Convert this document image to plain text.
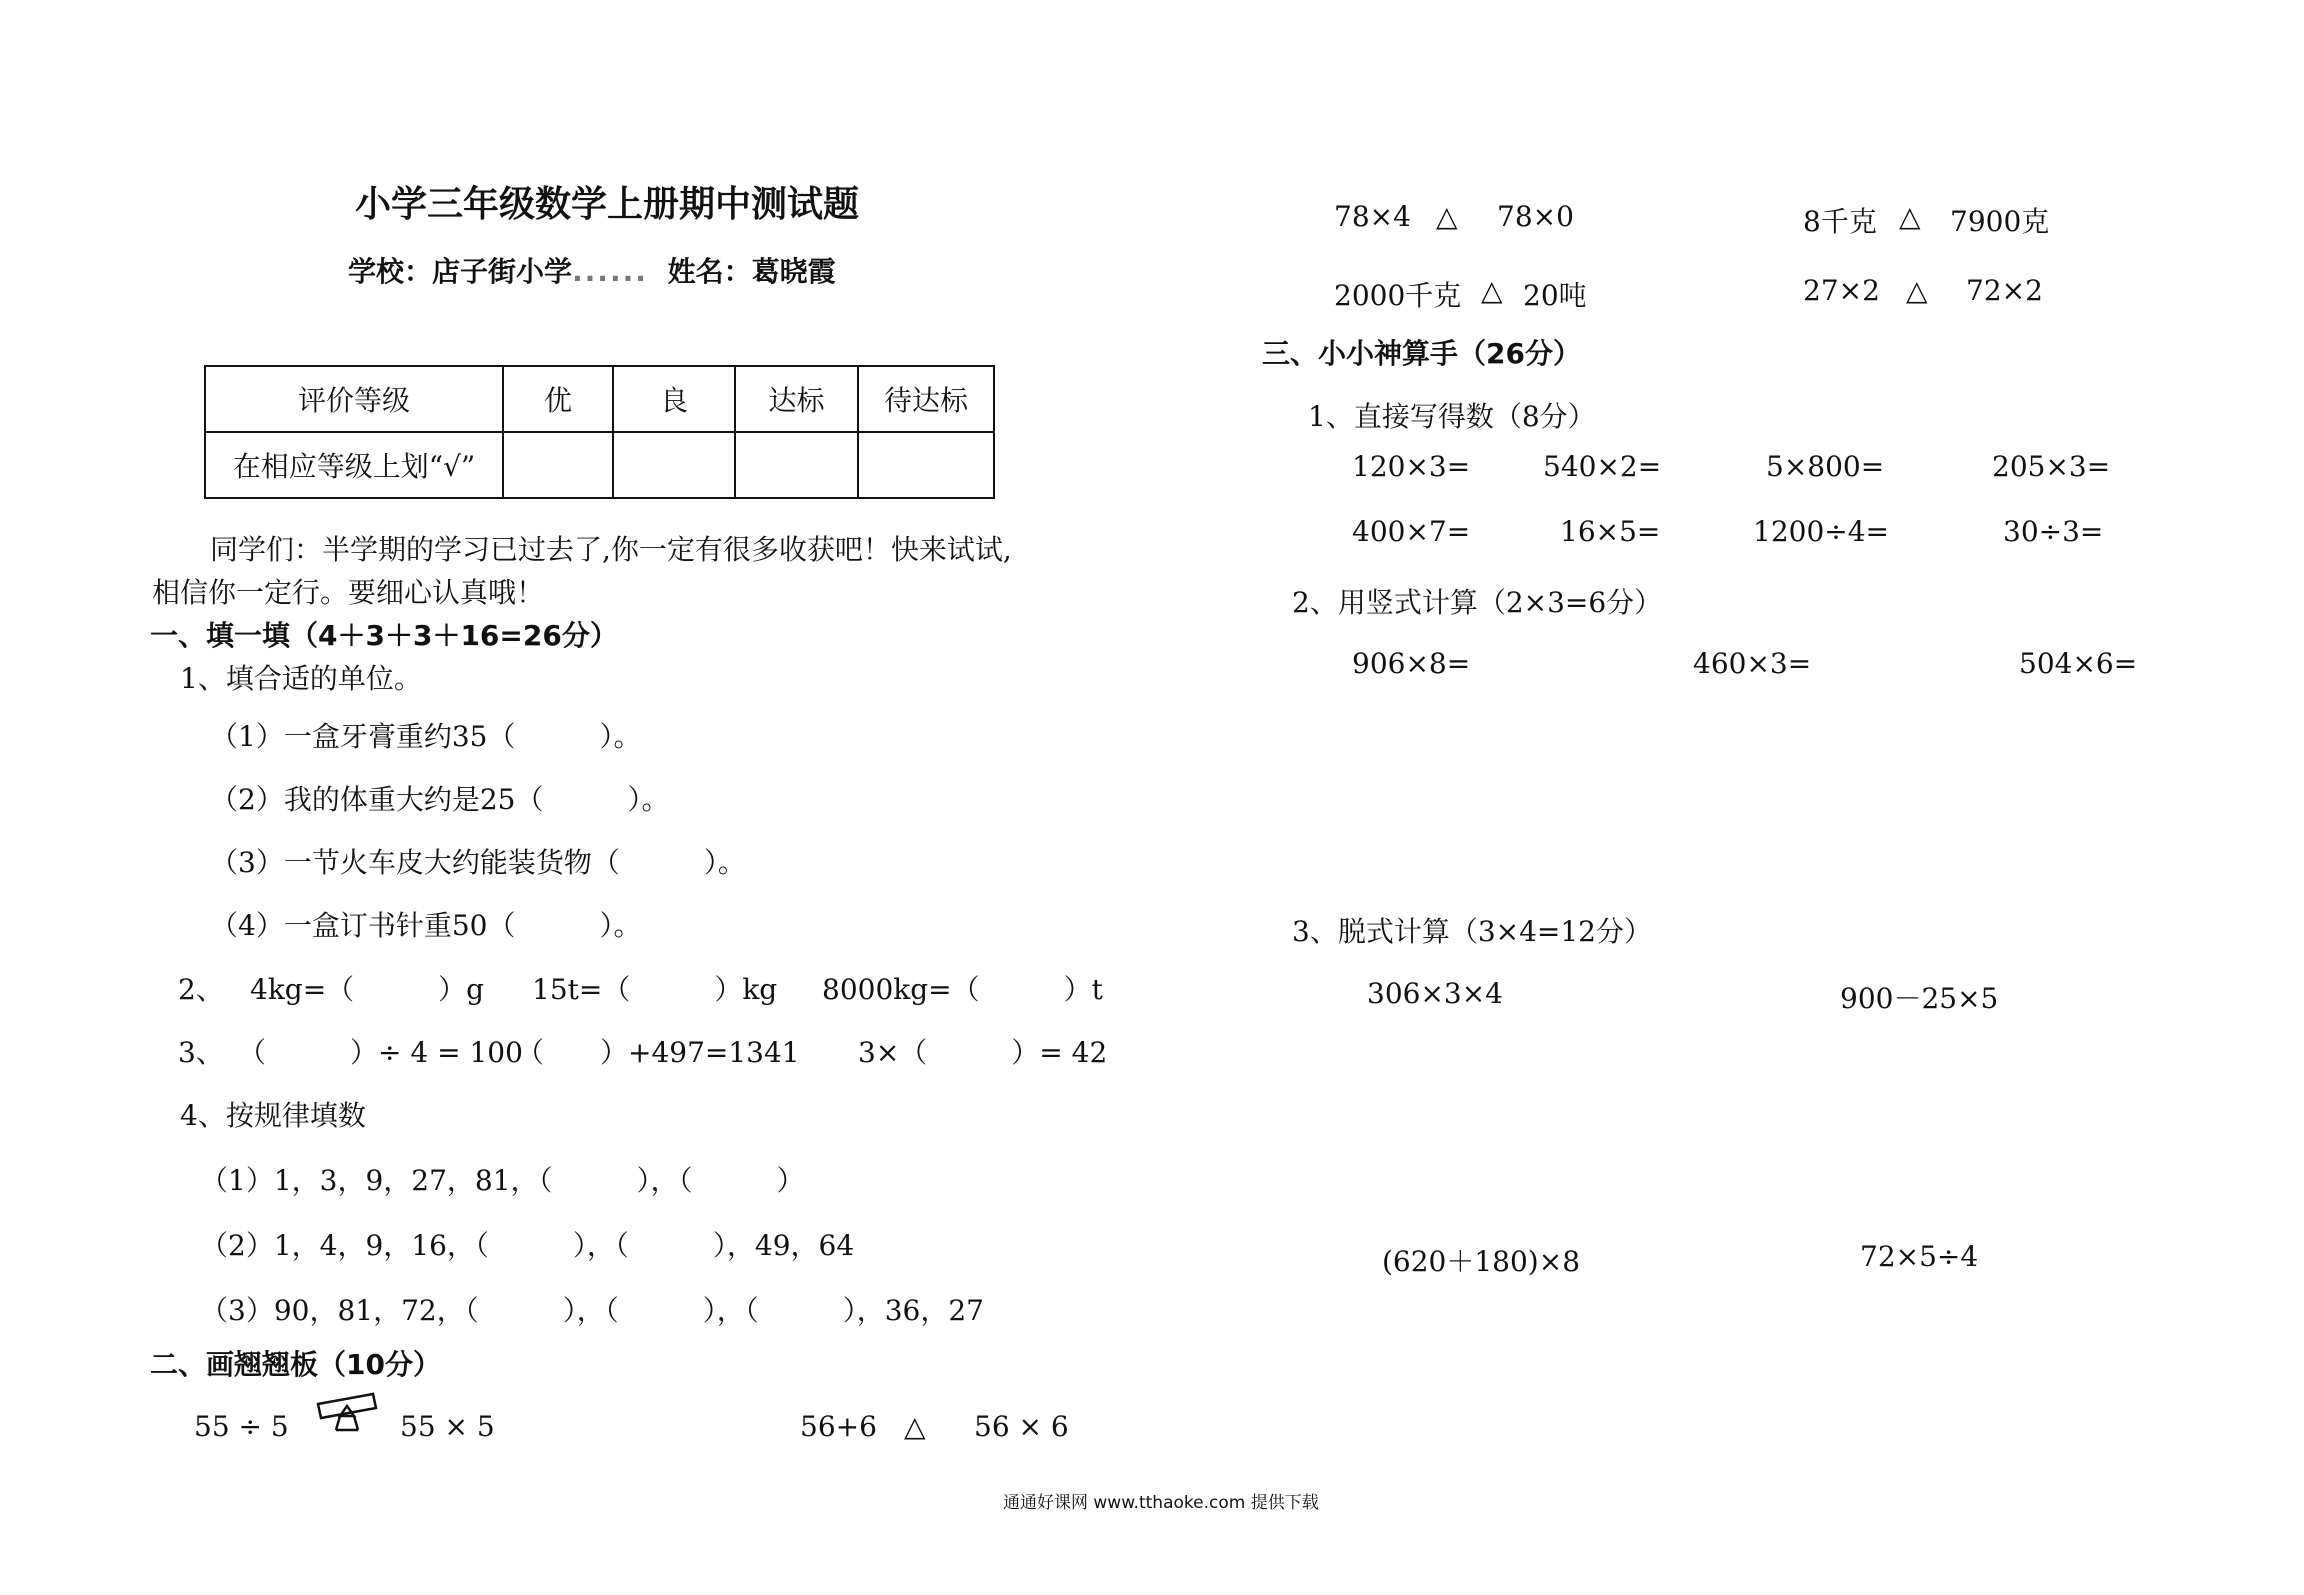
小学三年级数学上册期中测试题
学校：店子街小学...... 姓名：葛晓霞
评价等级	优	良	达标	待达标
在相应等级上划“√”				
同学们：半学期的学习已过去了,你一定有很多收获吧！快来试试,
相信你一定行。要细心认真哦！
一、填一填（4＋3＋3＋16=26分）
1、填合适的单位。
（1）一盒牙膏重约35（　　　）。
（2）我的体重大约是25（　　　）。
（3）一节火车皮大约能装货物（　　　）。
（4）一盒订书针重50（　　　）。
2、 4kg=（　　　）g 15t=（　　　）kg 8000kg=（　　　）t
3、 （　　　）÷ 4 = 100
（　　）+497=1341 3×（　　　）= 42
4、按规律填数
（1）1，3，9，27，81，（　　　），（　　　）
（2）1，4，9，16，（　　　），（　　　），49，64
（3）90，81，72，（　　　），（　　　），（　　　），36，27
二、画翘翘板（10分）
55 ÷ 5	55 × 5	56+6 △ 56 × 6
78×4 △ 78×0	8千克 △ 7900克
2000千克 △ 20吨	27×2 △ 72×2
三、小小神算手（26分）
1、直接写得数（8分）
120×3=	540×2=	5×800=	205×3=
400×7=	16×5=	1200÷4=	30÷3=
2、用竖式计算（2×3=6分）
906×8=	460×3=	504×6=
3、脱式计算（3×4=12分）
306×3×4	900－25×5
(620＋180)×8	72×5÷4
通通好课网 www.tthaoke.com 提供下载
